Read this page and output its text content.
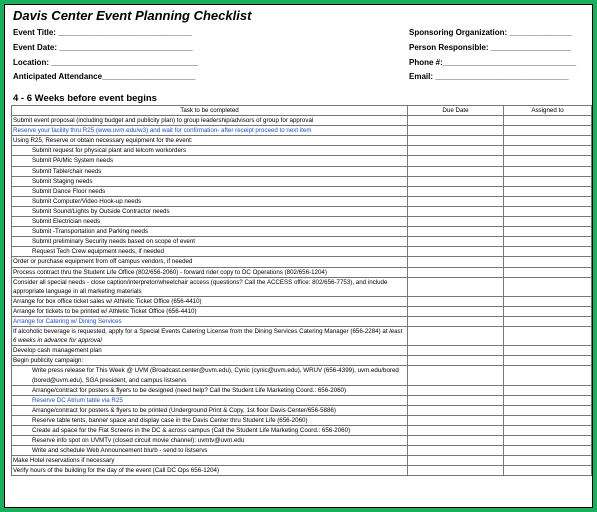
Davis Center Event Planning Checklist
Event Title: ______________________________
Event Date: ______________________________
Location: _________________________________
Anticipated Attendance_____________________
Sponsoring Organization: ______________
Person Responsible: __________________
Phone #:______________________________
Email: ______________________________
4 - 6 Weeks before event begins
Task to be completed	Due Date	Assigned to
Submit event proposal (including budget and publicity plan) to group leadership/advisors of group for approval		
Reserve your facility thru R25 (www.uvm.edu/w3) and wait for confirmation- after receipt proceed to next item		
Using R25, Reserve or obtain necessary equipment for the event:		
Submit request for physical plant and telcom workorders		
Submit PA/Mic System needs		
Submit Table/chair needs		
Submit Staging needs		
Submit Dance Floor needs		
Submit Computer/Video Hook-up needs		
Submit Sound/Lights by Outside Contractor needs		
Submit Electrician needs		
Submit -Transportation and Parking needs		
Submit preliminary Security needs based on scope of event		
Request Tech Crew equipment needs, if needed		
Order or purchase equipment from off campus vendors, if needed		
Process contract thru the Student Life Office (802/656-2060) - forward rider copy to DC Operations (802/656-1204)		
Consider all special needs - close caption/interpretor/wheelchair access (questions? Call the ACCESS office: 802/656-7753), and include appropriate language in all marketing materials		
Arrange for box office ticket sales w/ Athletic Ticket Office (656-4410)		
Arrange for tickets to be printed w/ Athletic Ticket Office (656-4410)		
Arrange for Catering w/ Dining Services		
If alcoholic beverage is requested, apply for a Special Events Catering License from the Dining Services Catering Manager (656-2284) at least 6 weeks in advance for approval		
Develop cash management plan		
Begin publicity campaign:		
Write press release for This Week @ UVM (Broadcast.center@uvm.edu), Cynic (cynic@uvm.edu), WRUV (656-4399), uvm.edu/bored (bored@uvm.edu), SGA president, and campus listservs		
Arrange/contract for posters & flyers to be designed (need help? Call the Student Life Marketing Coord.: 656-2060)		
Reserve DC Atrium table via R25		
Arrange/contract for posters & flyers to be printed (Underground Print & Copy, 1st floor Davis Center/656-5886)		
Reserve table tents, banner space and display case in the Davis Center thru Student Life (656-2060)		
Create ad space for the Flat Screens in the DC & across campus (Call the Student Life Marketing Coord.: 656-2060)		
Reserve info spot on UVMTv (closed circuit movie channel): uvmtv@uvm.edu		
Write and schedule Web Announcement blurb - send to listservs		
Make Hotel reservations if necessary		
Verify hours of the building for the day of the event (Call DC Ops 656-1204)		
